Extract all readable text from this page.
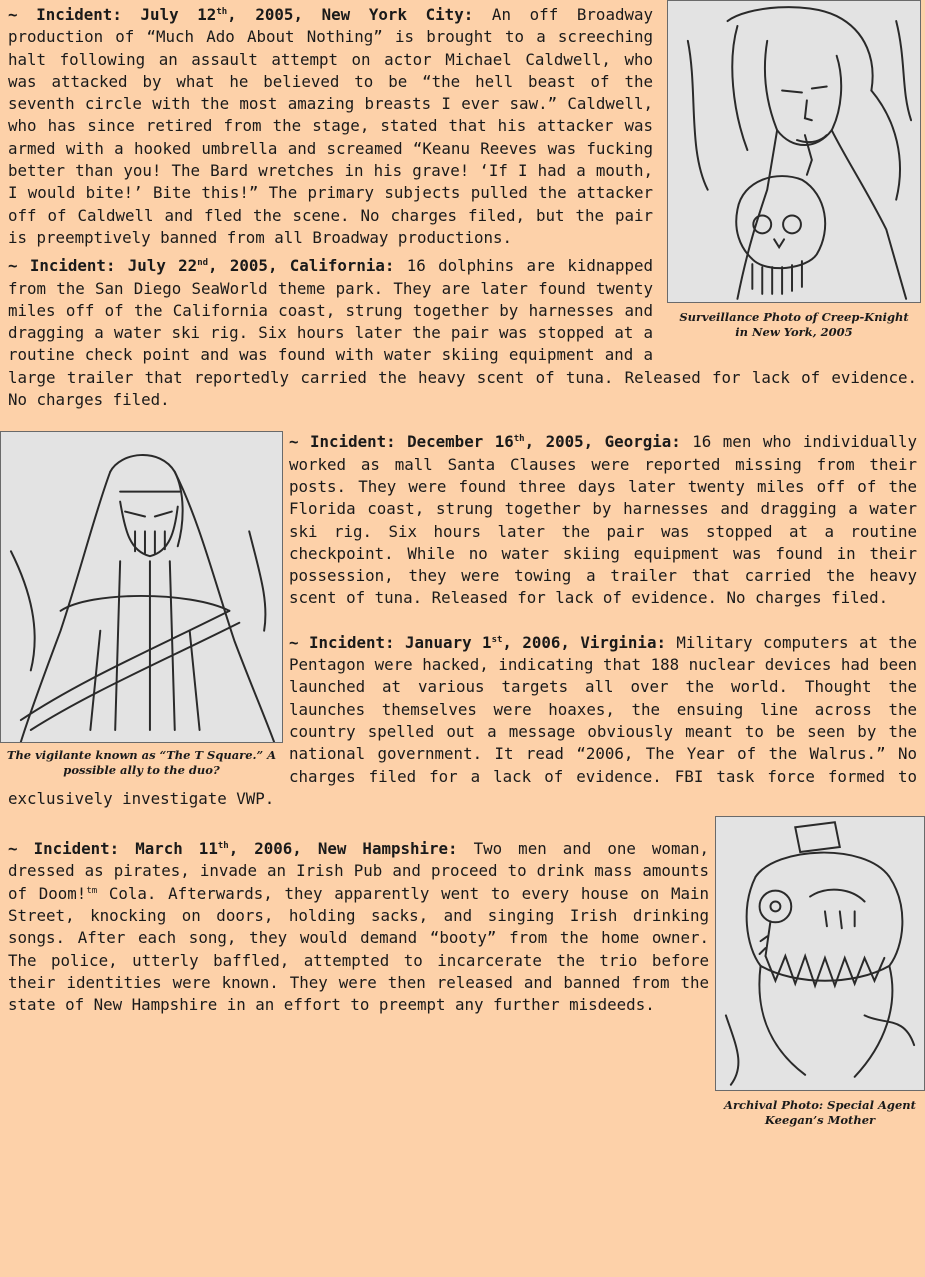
Surveillance Photo of Creep-Knight in New York, 2005

~ Incident: July 12th, 2005, New York City: An off Broadway production of “Much Ado About Nothing” is brought to a screeching halt following an assault attempt on actor Michael Caldwell, who was attacked by what he believed to be “the hell beast of the seventh circle with the most amazing breasts I ever saw.” Caldwell, who has since retired from the stage, stated that his attacker was armed with a hooked umbrella and screamed “Keanu Reeves was fucking better than you! The Bard wretches in his grave! ‘If I had a mouth, I would bite!’ Bite this!” The primary subjects pulled the attacker off of Caldwell and fled the scene. No charges filed, but the pair is preemptively banned from all Broadway productions.

~ Incident: July 22nd, 2005, California: 16 dolphins are kidnapped from the San Diego SeaWorld theme park. They are later found twenty miles off of the California coast, strung together by harnesses and dragging a water ski rig. Six hours later the pair was stopped at a routine check point and was found with water skiing equipment and a large trailer that reportedly carried the heavy scent of tuna. Released for lack of evidence. No charges filed.

The vigilante known as “The T Square.” A possible ally to the duo?

~ Incident: December 16th, 2005, Georgia: 16 men who individually worked as mall Santa Clauses were reported missing from their posts. They were found three days later twenty miles off of the Florida coast, strung together by harnesses and dragging a water ski rig. Six hours later the pair was stopped at a routine checkpoint. While no water skiing equipment was found in their possession, they were towing a trailer that carried the heavy scent of tuna. Released for lack of evidence. No charges filed.

~ Incident: January 1st, 2006, Virginia: Military computers at the Pentagon were hacked, indicating that 188 nuclear devices had been launched at various targets all over the world. Thought the launches themselves were hoaxes, the ensuing line across the country spelled out a message obviously meant to be seen by the national government. It read “2006, The Year of the Walrus.” No charges filed for a lack of evidence. FBI task force formed to exclusively investigate VWP.

Archival Photo: Special Agent Keegan’s Mother

~ Incident: March 11th, 2006, New Hampshire: Two men and one woman, dressed as pirates, invade an Irish Pub and proceed to drink mass amounts of Doom!$^{tm}$ Cola. Afterwards, they apparently went to every house on Main Street, knocking on doors, holding sacks, and singing Irish drinking songs. After each song, they would demand “booty” from the home owner. The police, utterly baffled, attempted to incarcerate the trio before their identities were known. They were then released and banned from the state of New Hampshire in an effort to preempt any further misdeeds.
